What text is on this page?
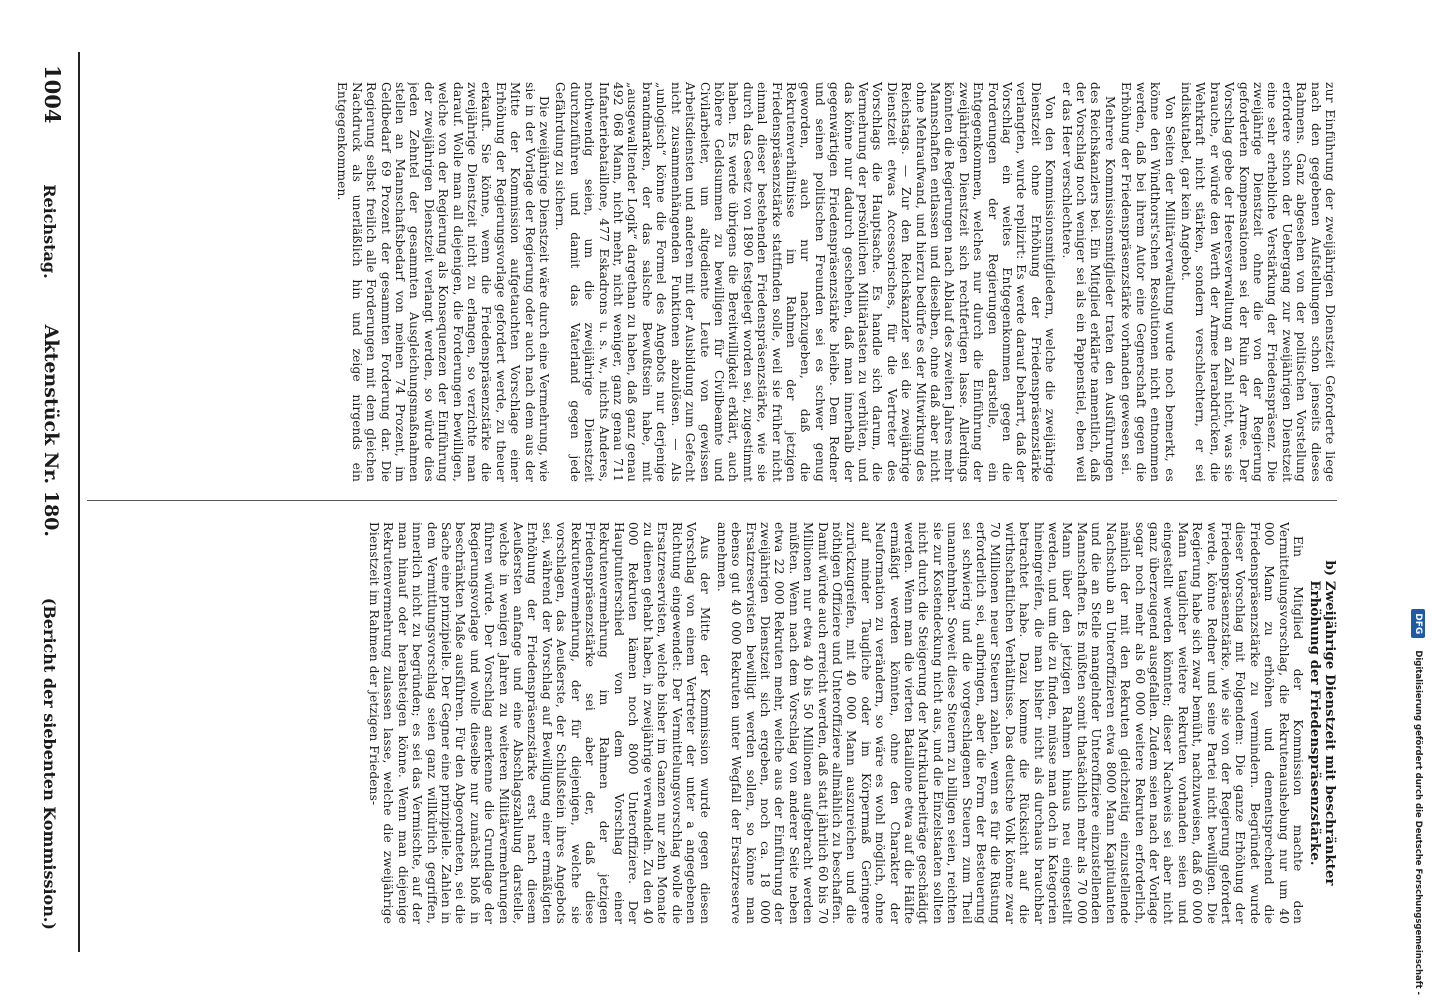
DFG
Digitalisierung gefördert durch die Deutsche Forschungsgemeinschaft -
1004
Reichstag.
Aktenstück Nr. 180.
(Bericht der siebenten Kommission.)	b) Zweijährige Dienstzeit mit beschränkter Erhöhung der Friedenspräsenzstärke.

Ein Mitglied der Kommission machte den Vermittelungsvorschlag, die Rekrutenaushebung nur um 40 000 Mann zu erhöhen und dementsprechend die Friedenspräsenzstärke zu vermindern. Begründet wurde dieser Vorschlag mit Folgendem: Die ganze Erhöhung der Friedenspräsenzstärke, wie sie von der Regierung gefordert werde, könne Redner und seine Partei nicht bewilligen. Die Regierung habe sich zwar bemüht, nachzuweisen, daß 60 000 Mann tauglicher weitere Rekruten vorhanden seien und eingestellt werden könnten; dieser Nachweis sei aber nicht ganz überzeugend ausgefallen. Zudem seien nach der Vorlage sogar noch mehr als 60 000 weitere Rekruten erforderlich, nämlich der mit den Rekruten gleichzeitig einzustellende Nachschub an Unteroffizieren etwa 8000 Mann Kapitulanten und die an Stelle mangelnder Unteroffiziere einzustellenden Mannschaften. Es müßten somit thatsächlich mehr als 70 000 Mann über den jetzigen Rahmen hinaus neu eingestellt werden, und um die zu finden, müsse man doch in Kategorien hineingreifen, die man bisher nicht als durchaus brauchbar betrachtet habe. Dazu komme die Rücksicht auf die wirthschaftlichen Verhältnisse. Das deutsche Volk könne zwar 70 Millionen neuer Steuern zahlen, wenn es für die Rüstung erforderlich sei, aufbringen, aber die Form der Besteuerung sei schwierig und die vorgeschlagenen Steuern zum Theil unannehmbar. Soweit diese Steuern zu billigen seien, reichten sie zur Kostendeckung nicht aus, und die Einzelstaaten sollten nicht durch die Steigerung der Matrikularbeiträge geschädigt werden. Wenn man die vierten Bataillone etwa auf die Hälfte ermäßigt werden könnten, ohne den Charakter der Neuformation zu verändern, so wäre es wohl möglich, ohne auf minder Taugliche oder im Körpermaß Geringere zurückzugreifen, mit 40 000 Mann auszureichen und die nöthigen Offiziere und Unteroffiziere allmählich zu beschaffen. Damit würde auch erreicht werden, daß statt jährlich 60 bis 70 Millionen nur etwa 40 bis 50 Millionen aufgebracht werden müßten. Wenn nach dem Vorschlag von anderer Seite neben etwa 22 000 Rekruten mehr, welche aus der Einführung der zweijährigen Dienstzeit sich ergeben, noch ca. 18 000 Ersatzreservisten bewilligt werden sollen, so könne man ebenso gut 40 000 Rekruten unter Wegfall der Ersatzreserve annehmen.

Aus der Mitte der Kommission wurde gegen diesen Vorschlag von einem Vertreter der unter a angegebenen Richtung eingewendet: Der Vermittelungsvorschlag wolle die Ersatzreservisten, welche bisher im Ganzen nur zehn Monate zu dienen gehabt haben, in zweijährige verwandeln. Zu den 40 000 Rekruten kämen noch 8000 Unteroffiziere. Der Hauptunterschied von dem Vorschlag einer Rekrutenvermehrung im Rahmen der jetzigen Friedenspräsenzstärke sei aber der, daß diese Rekrutenvermehrung, der für diejenigen, welche sie vorschlagen, das Aeußerste, der Schlußstein ihres Angebots sei, während der Vorschlag auf Bewilligung einer ermäßigten Erhöhung der Friedenspräsenzstärke erst nach diesem Aeußersten anfange und eine Abschlagszahlung darstelle, welche in wenigen Jahren zu weiteren Militärvermehrungen führen würde. Der Vorschlag anerkenne die Grundlage der Regierungsvorlage und wolle dieselbe nur zunächst bloß in beschränkten Maße ausführen. Für den Abgeordneten, sei die Sache eine prinzipielle. Der Gegner eine prinzipielle. Zahlen in dem Vermittlungsvorschlag seien ganz willkürlich gegriffen, innerlich nicht zu begründen; es sei das Vermischte, auf der man hinauf oder herabsteigen könne. Wenn man diejenige Rekrutenvermehrung zulassen lasse, welche die zweijährige Dienstzeit im Rahmen der jetzigen Friedens-

zur Einführung der zweijährigen Dienstzeit Geforderte liege nach den gegebenen Aufstellungen schon jenseits dieses Rahmens. Ganz abgesehen von der politischen Vorstellung erfordere schon der Uebergang zur zweijährigen Dienstzeit eine sehr erhebliche Verstärkung der Friedenspräsenz. Die zweijährige Dienstzeit ohne die von der Regierung geforderten Kompensationen sei der Ruin der Armee. Der Vorschlag gebe der Heeresverwaltung an Zahl nicht, was sie brauche, er würde den Werth der Armee herabdrücken, die Wehrkraft nicht stärken, sondern verschlechtern, er sei indiskutabel, gar kein Angebot.

Von Seiten der Militärverwaltung wurde noch bemerkt, es könne den Windthorst'schen Resolutionen nicht entnommen werden, daß bei ihrem Autor eine Gegnerschaft gegen die Erhöhung der Friedenspräsenzstärke vorhanden gewesen sei.

Mehrere Kommissionsmitglieder traten den Ausführungen des Reichskanzlers bei. Ein Mitglied erklärte namentlich, daß der Vorschlag noch weniger sei als ein Pappenstiel, eben weil er das Heer verschlechtere.

Von den Kommissionsmitgliedern, welche die zweijährige Dienstzeit ohne Erhöhung der Friedenspräsenzstärke verlangten, wurde replizirt: Es werde darauf beharrt, daß der Vorschlag ein weites Entgegenkommen gegen die Forderungen der Regierungen darstelle, ein Entgegenkommen, welches nur durch die Einführung der zweijährigen Dienstzeit sich rechtfertigen lasse. Allerdings könnten die Regierungen nach Ablauf des zweiten Jahres mehr Mannschaften entlassen und dieselben, ohne daß aber nicht ohne Mehraufwand, und hierzu bedürfe es der Mitwirkung des Reichstags. — Zur den Reichskanzler sei die zweijährige Dienstzeit etwas Accessorisches, für die Vertreter des Vorschlags die Hauptsache. Es handle sich darum, die Vermehrung der persönlichen Militärlasten zu verhüten, und das könne nur dadurch geschehen, daß man innerhalb der gegenwärtigen Friedenspräsenzstärke bleibe. Dem Redner und seinen politischen Freunden sei es schwer genug geworden, auch nur nachzugeben, daß die Rekrutenverhältnisse im Rahmen der jetzigen Friedenspräsenzstärke stattfinden solle, weil sie früher nicht einmal dieser bestehenden Friedenspräsenzstärke, wie sie durch das Gesetz von 1890 festgelegt worden sei, zugestimmt haben. Es werde übrigens die Bereitwilligkeit erklärt, auch höhere Geldsummen zu bewilligen für Civilbeamte und Civilarbeiter, um altgediente Leute von gewissen Arbeitsdiensten und anderen mit der Ausbildung zum Gefecht nicht zusammenhängenden Funktionen abzulösen. — Als „unlogisch“ könne die Formel des Angebots nur derjenige brandmarken, der das salsche Bewußtsein habe, mit „ausgewalltender Logik“ dargethan zu haben, daß ganz genau 492 068 Mann, nicht mehr, nicht weniger, ganz genau 711 Infanteriebataillone, 477 Eskadrons u. s. w., nichts Anderes, nothwendig seien, um die zweijährige Dienstzeit durchzuführen und damit das Vaterland gegen jede Gefährdung zu sichern.

Die zweijährige Dienstzeit wäre durch eine Vermehrung, wie sie in der Vorlage der Regierung oder auch nach dem aus der Mitte der Kommission aufgetauchten Vorschlage einer Erhöhung der Regierungsvorlage gefordert werde, zu theuer erkauft. Sie könne, wenn die Friedenspräsenzstärke die zweijährige Dienstzeit nicht zu erlangen, so verzichte man darauf. Wolle man all diejenigen, die Forderungen bewilligen, welche von der Regierung als Konsequenzen der Einführung der zweijährigen Dienstzeit verlangt werden, so würde dies jeden Zehntel der gesammten Ausgleichungsmaßnahmen stellen an Mannschaftsbedarf von meinen 74 Prozent, im Geldbedarf 69 Prozent der gesammten Forderung dar. Die Regierung selbst freilich alle Forderungen mit dem gleichen Nachdruck als unerläßlich hin und zeige nirgends ein Entgegenkommen.
